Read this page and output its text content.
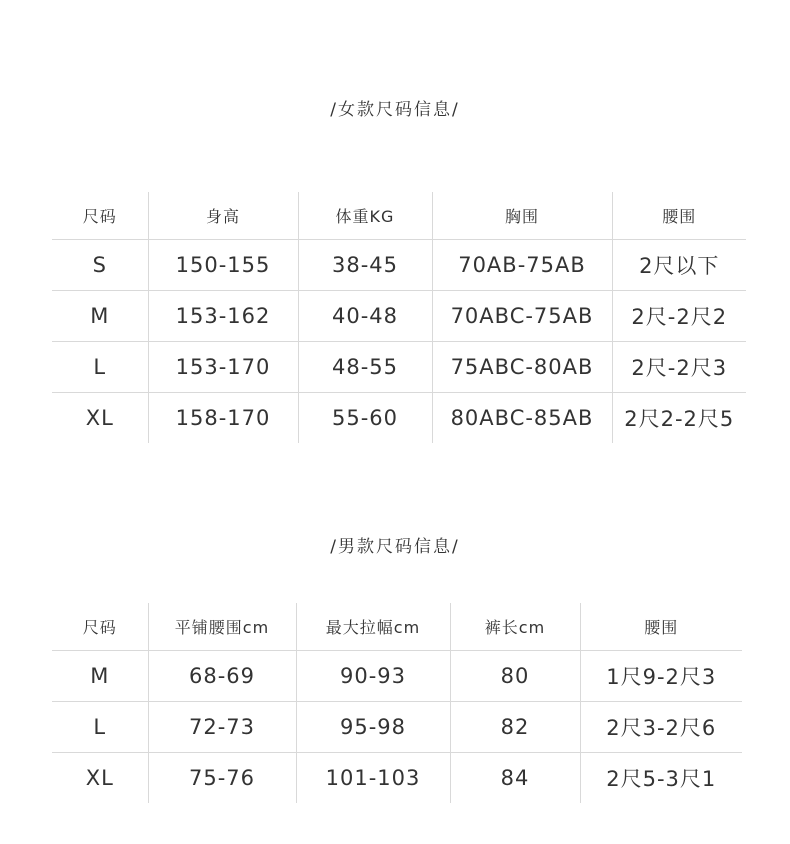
/女款尺码信息/
尺码	身高	体重KG	胸围	腰围
S	150-155	38-45	70AB-75AB	2尺以下
M	153-162	40-48	70ABC-75AB	2尺-2尺2
L	153-170	48-55	75ABC-80AB	2尺-2尺3
XL	158-170	55-60	80ABC-85AB	2尺2-2尺5
/男款尺码信息/
尺码	平铺腰围cm	最大拉幅cm	裤长cm	腰围
M	68-69	90-93	80	1尺9-2尺3
L	72-73	95-98	82	2尺3-2尺6
XL	75-76	101-103	84	2尺5-3尺1
